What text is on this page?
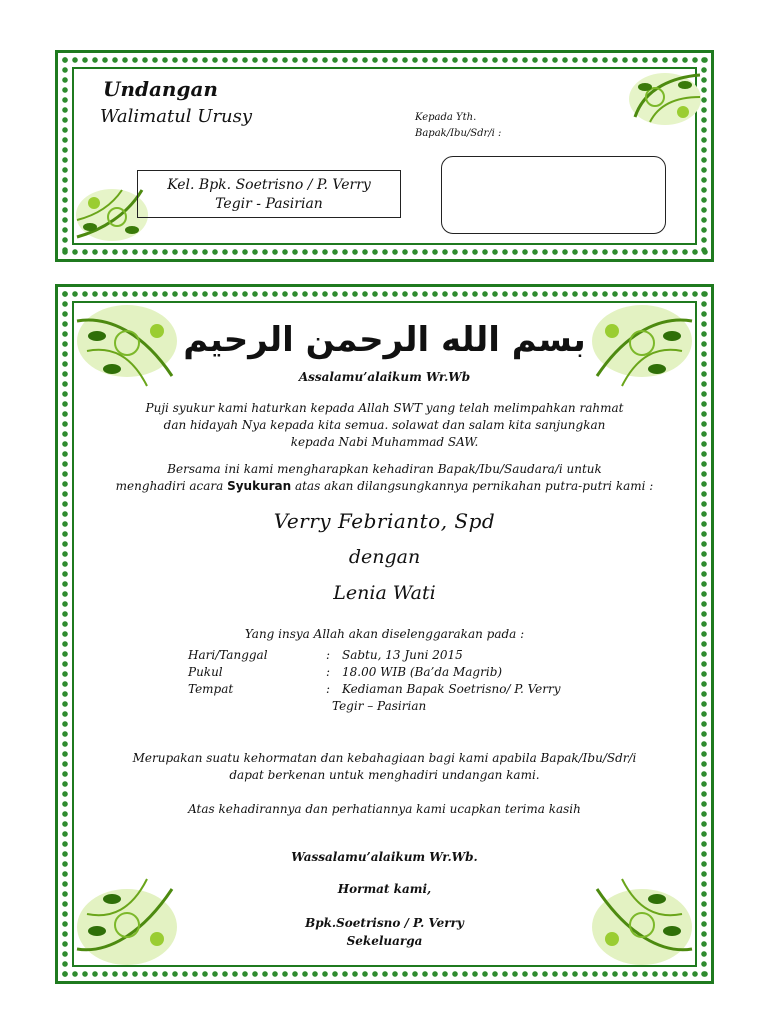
Undangan
Walimatul Urusy	Kepada Yth.
Bapak/Ibu/Sdr/i :
Kel. Bpk. Soetrisno / P. Verry
Tegir - Pasirian
بسم الله الرحمن الرحيم
Assalamu’alaikum Wr.Wb
Puji syukur kami haturkan kepada Allah SWT yang telah melimpahkan rahmat
dan hidayah Nya kepada kita semua. solawat dan salam kita sanjungkan
kepada Nabi Muhammad SAW.
Bersama ini kami mengharapkan kehadiran Bapak/Ibu/Saudara/i untuk
menghadiri acara Syukuran atas akan dilangsungkannya pernikahan putra-putri kami :
Verry Febrianto, Spd
dengan
Lenia Wati
Yang insya Allah akan diselenggarakan pada :
Hari/Tanggal	: Sabtu, 13 Juni 2015
Pukul	: 18.00 WIB (Ba’da Magrib)
Tempat	: Kediaman Bapak Soetrisno/ P. Verry
Tegir – Pasirian
Merupakan suatu kehormatan dan kebahagiaan bagi kami apabila Bapak/Ibu/Sdr/i
dapat berkenan untuk menghadiri undangan kami.
Atas kehadirannya dan perhatiannya kami ucapkan terima kasih
Wassalamu’alaikum Wr.Wb.
Hormat kami,
Bpk.Soetrisno / P. Verry
Sekeluarga
